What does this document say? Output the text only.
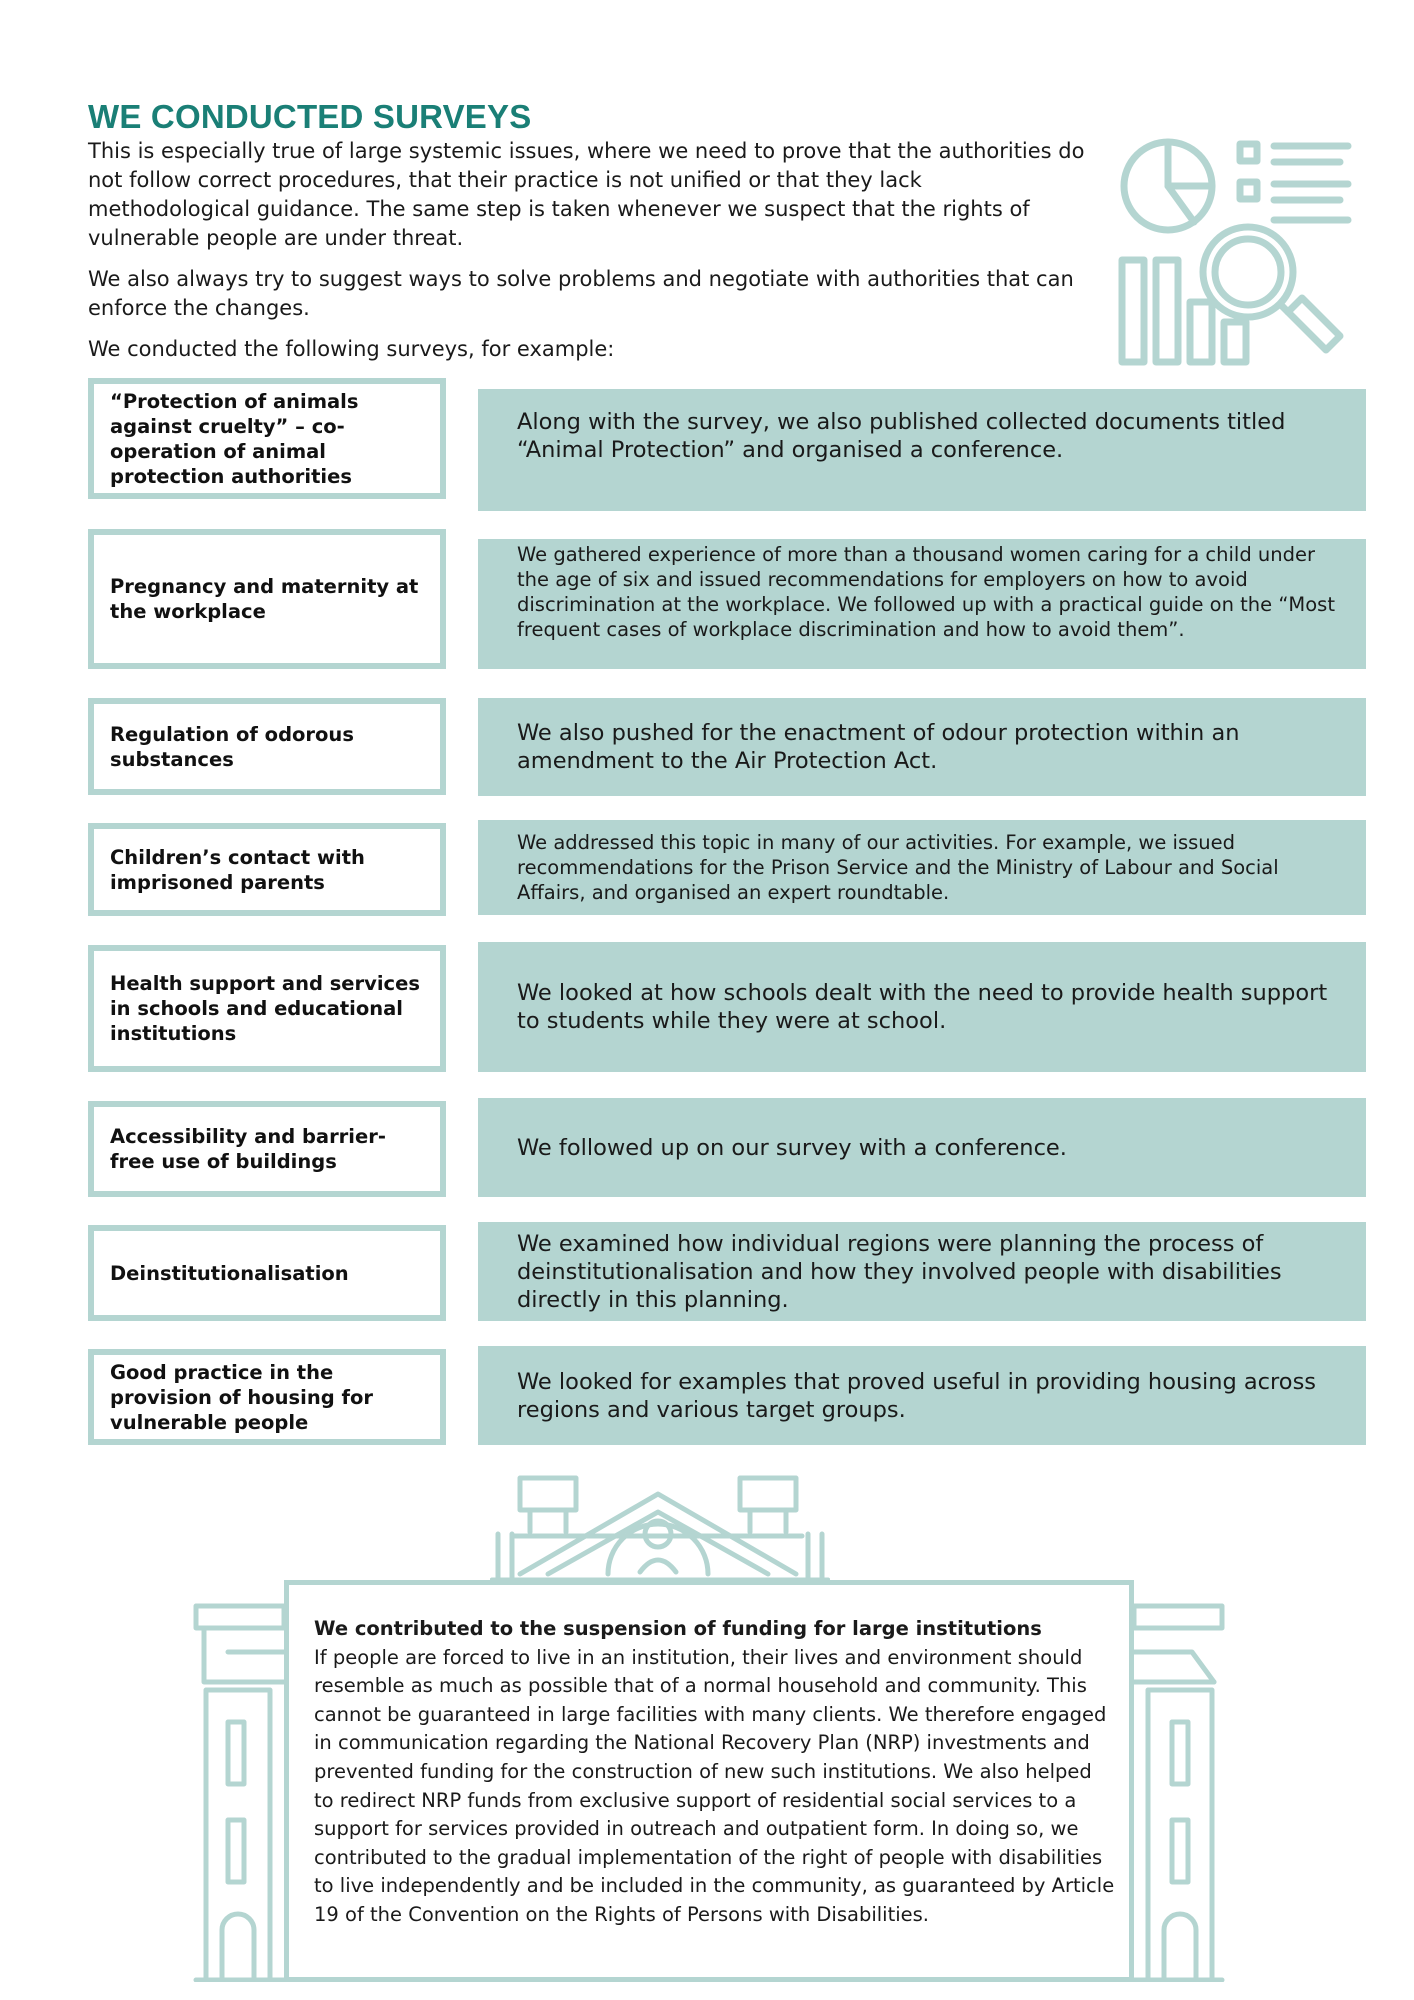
WE CONDUCTED SURVEYS

This is especially true of large systemic issues, where we need to prove that the authorities do not follow correct procedures, that their practice is not unified or that they lack methodological guidance. The same step is taken whenever we suspect that the rights of vulnerable people are under threat.

We also always try to suggest ways to solve problems and negotiate with authorities that can enforce the changes.

We conducted the following surveys, for example:

“Protection of animals against cruelty” – co-operation of animal protection authorities
Along with the survey, we also published collected documents titled “Animal Protection” and organised a conference.
Pregnancy and maternity at the workplace
We gathered experience of more than a thousand women caring for a child under the age of six and issued recommendations for employers on how to avoid discrimination at the workplace. We followed up with a practical guide on the “Most frequent cases of workplace discrimination and how to avoid them”.
Regulation of odorous substances
We also pushed for the enactment of odour protection within an amendment to the Air Protection Act.
Children’s contact with imprisoned parents
We addressed this topic in many of our activities. For example, we issued recommendations for the Prison Service and the Ministry of Labour and Social Affairs, and organised an expert roundtable.
Health support and services in schools and educational institutions
We looked at how schools dealt with the need to provide health support to students while they were at school.
Accessibility and barrier-free use of buildings
We followed up on our survey with a conference.
Deinstitutionalisation
We examined how individual regions were planning the process of deinstitutionalisation and how they involved people with disabilities directly in this planning.
Good practice in the provision of housing for vulnerable people
We looked for examples that proved useful in providing housing across regions and various target groups.
We contributed to the suspension of funding for large institutions
If people are forced to live in an institution, their lives and environment should resemble as much as possible that of a normal household and community. This cannot be guaranteed in large facilities with many clients. We therefore engaged in communication regarding the National Recovery Plan (NRP) investments and prevented funding for the construction of new such institutions. We also helped to redirect NRP funds from exclusive support of residential social services to a support for services provided in outreach and outpatient form. In doing so, we contributed to the gradual implementation of the right of people with disabilities to live independently and be included in the community, as guaranteed by Article 19 of the Convention on the Rights of Persons with Disabilities.
